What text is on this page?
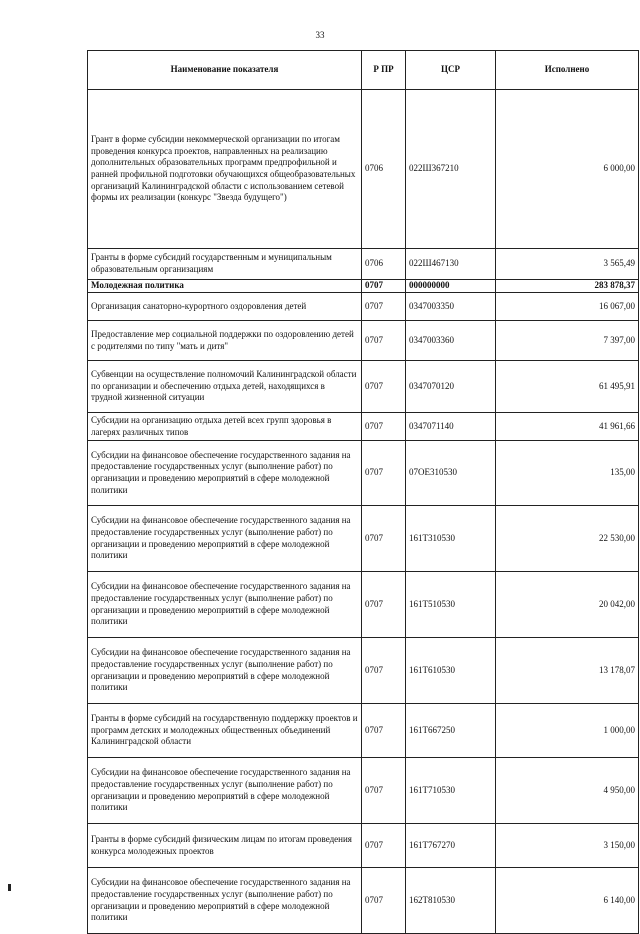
33
Наименование показателя	Р ПР	ЦСР	Исполнено
Грант в форме субсидии некоммерческой организации по итогам проведения конкурса проектов, направленных на реализацию дополнительных образовательных программ предпрофильной и ранней профильной подготовки обучающихся общеобразовательных организаций Калининградской области с использованием сетевой формы их реализации (конкурс "Звезда будущего")	0706	022Ш367210	6 000,00
Гранты в форме субсидий государственным и муниципальным образовательным организациям	0706	022Ш467130	3 565,49
Молодежная политика	0707	000000000	283 878,37
Организация санаторно-курортного оздоровления детей	0707	0347003350	16 067,00
Предоставление мер социальной поддержки по оздоровлению детей с родителями по типу "мать и дитя"	0707	0347003360	7 397,00
Субвенции на осуществление полномочий Калининградской области по организации и обеспечению отдыха детей, находящихся в трудной жизненной ситуации	0707	0347070120	61 495,91
Субсидии на организацию отдыха детей всех групп здоровья в лагерях различных типов	0707	0347071140	41 961,66
Субсидии на финансовое обеспечение государственного задания на предоставление государственных услуг (выполнение работ) по организации и проведению мероприятий в сфере молодежной политики	0707	07ОЕ310530	135,00
Субсидии на финансовое обеспечение государственного задания на предоставление государственных услуг (выполнение работ) по организации и проведению мероприятий в сфере молодежной политики	0707	161Т310530	22 530,00
Субсидии на финансовое обеспечение государственного задания на предоставление государственных услуг (выполнение работ) по организации и проведению мероприятий в сфере молодежной политики	0707	161Т510530	20 042,00
Субсидии на финансовое обеспечение государственного задания на предоставление государственных услуг (выполнение работ) по организации и проведению мероприятий в сфере молодежной политики	0707	161Т610530	13 178,07
Гранты в форме субсидий на государственную поддержку проектов и программ детских и молодежных общественных объединений Калининградской области	0707	161Т667250	1 000,00
Субсидии на финансовое обеспечение государственного задания на предоставление государственных услуг (выполнение работ) по организации и проведению мероприятий в сфере молодежной политики	0707	161Т710530	4 950,00
Гранты в форме субсидий физическим лицам по итогам проведения конкурса молодежных проектов	0707	161Т767270	3 150,00
Субсидии на финансовое обеспечение государственного задания на предоставление государственных услуг (выполнение работ) по организации и проведению мероприятий в сфере молодежной политики	0707	162Т810530	6 140,00
